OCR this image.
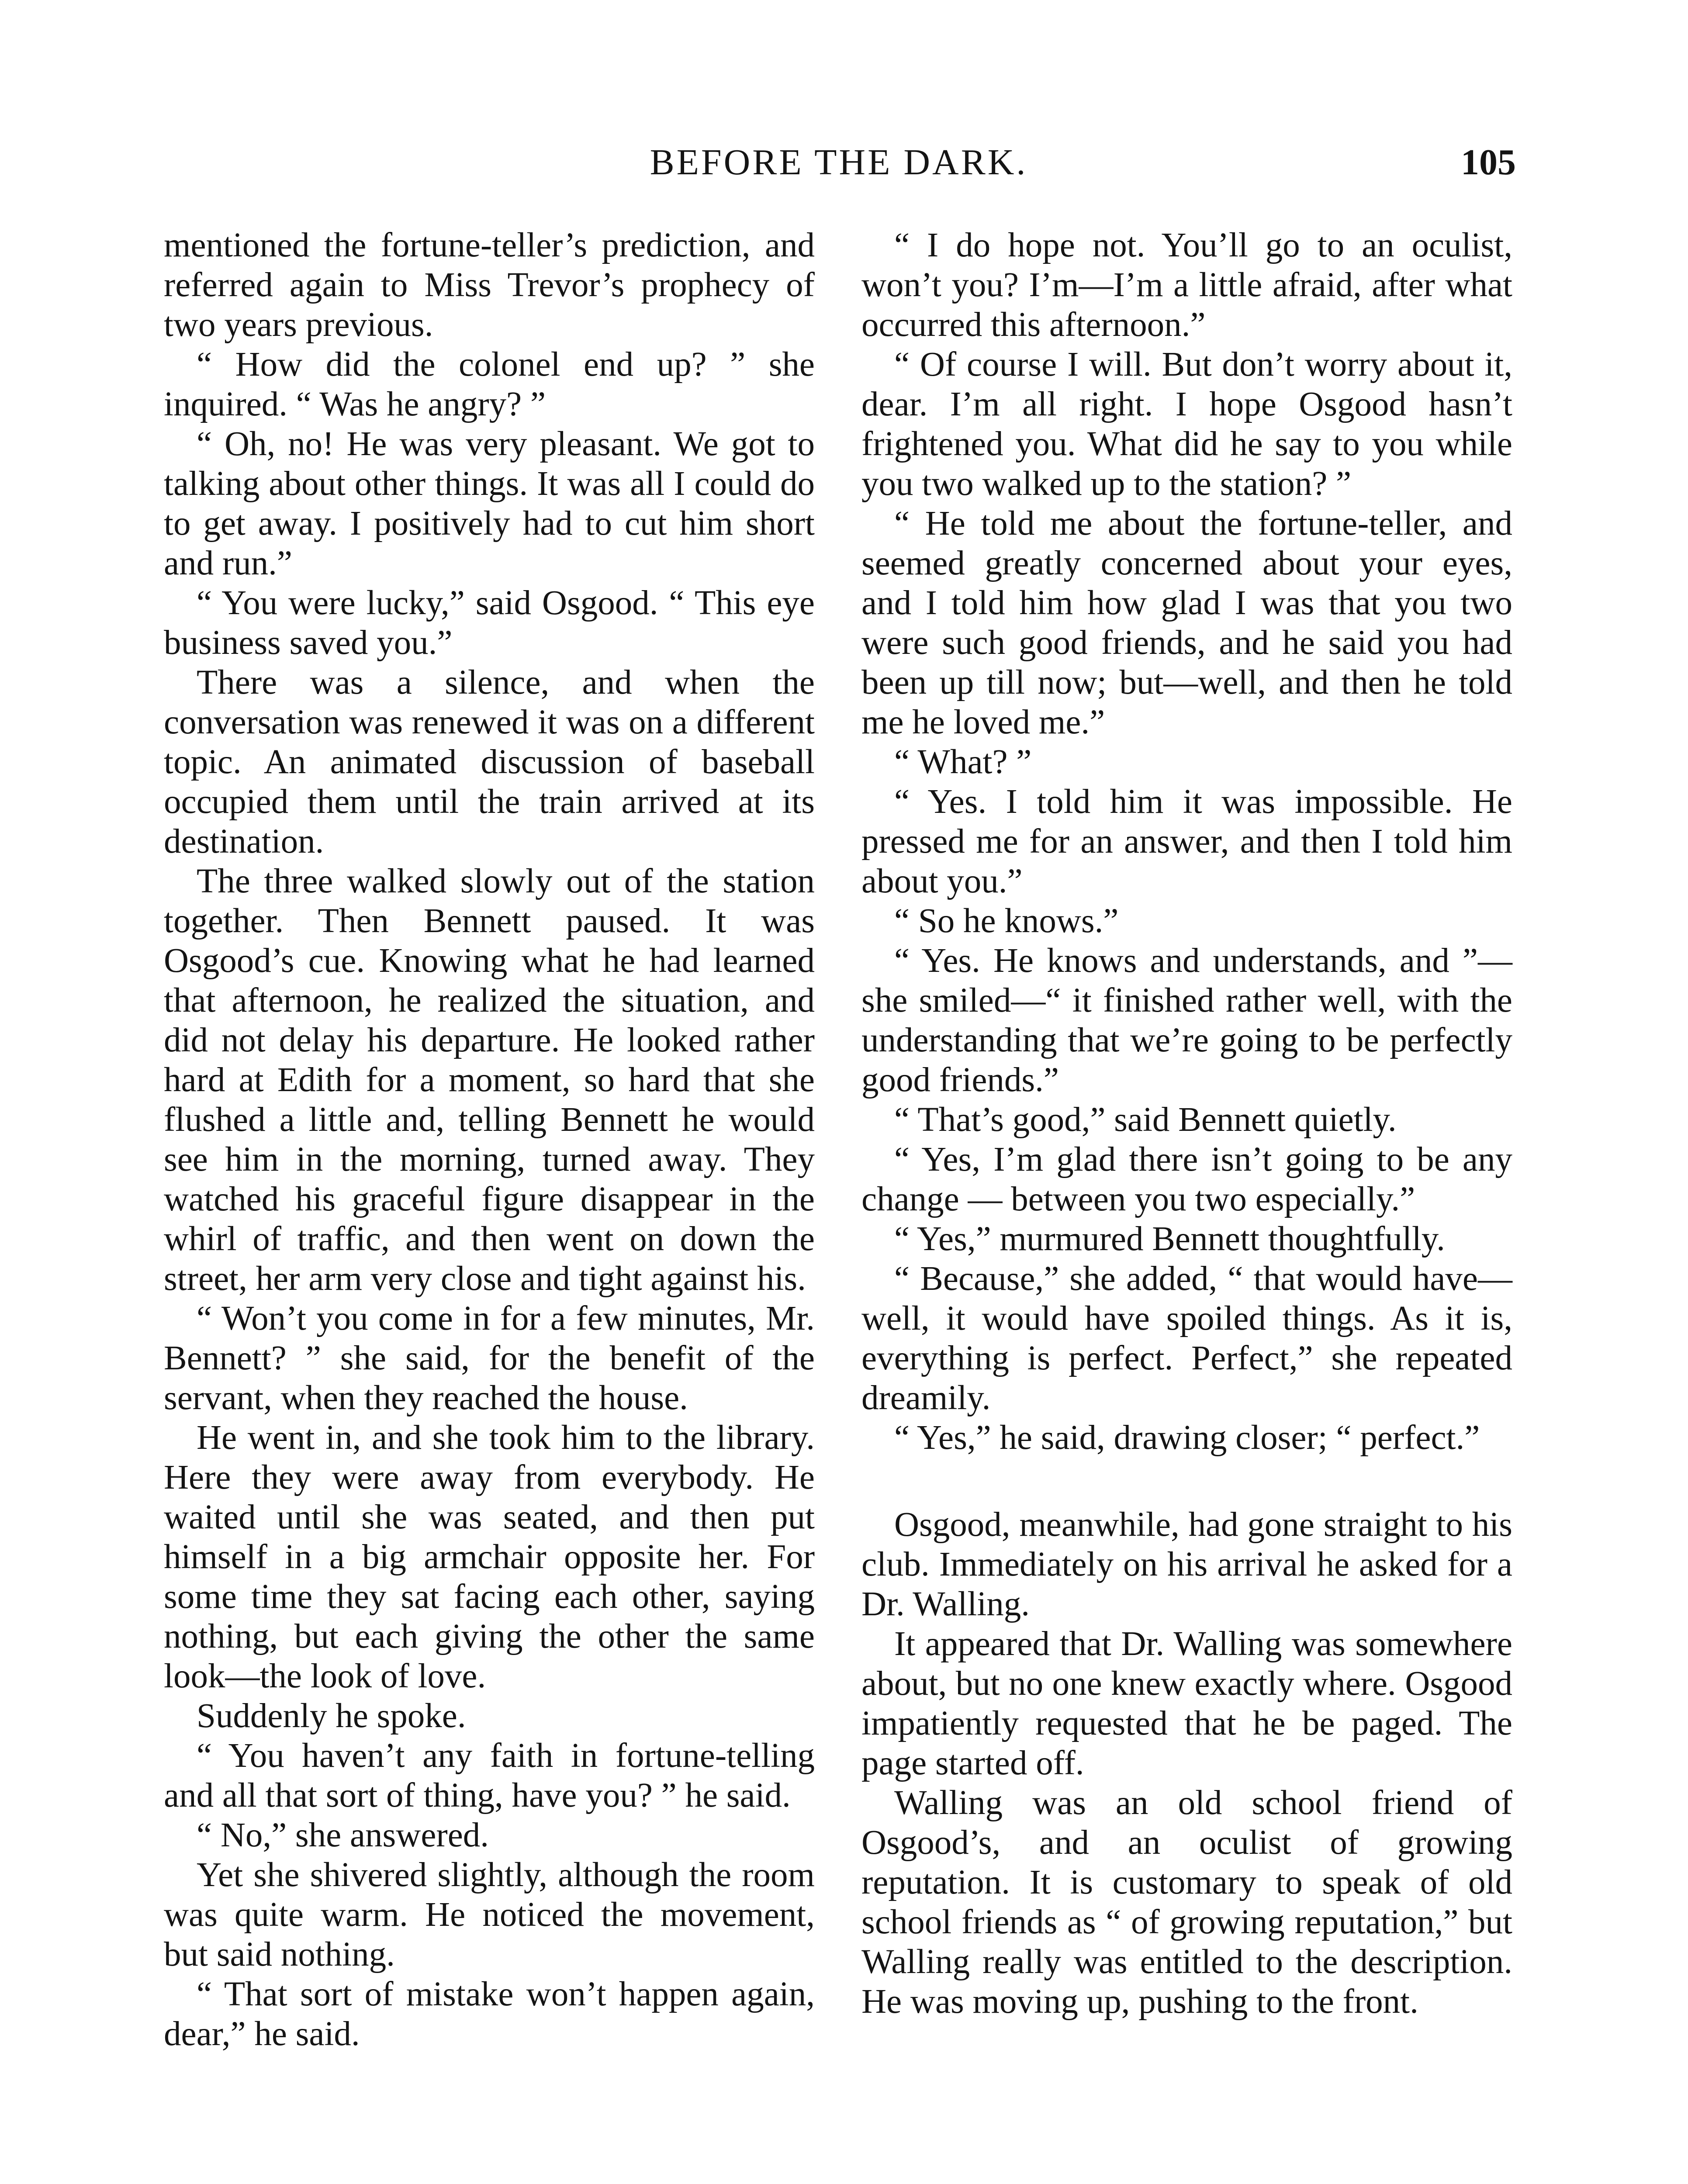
BEFORE THE DARK.	105

mentioned the fortune-teller’s prediction, and referred again to Miss Trevor’s prophecy of two years previous.

“ How did the colonel end up? ” she inquired. “ Was he angry? ”

“ Oh, no! He was very pleasant. We got to talking about other things. It was all I could do to get away. I positively had to cut him short and run.”

“ You were lucky,” said Osgood. “ This eye business saved you.”

There was a silence, and when the conversation was renewed it was on a different topic. An animated discussion of baseball occupied them until the train arrived at its destination.

The three walked slowly out of the station together. Then Bennett paused. It was Osgood’s cue. Knowing what he had learned that afternoon, he realized the situation, and did not delay his departure. He looked rather hard at Edith for a moment, so hard that she flushed a little and, telling Bennett he would see him in the morning, turned away. They watched his graceful figure disappear in the whirl of traffic, and then went on down the street, her arm very close and tight against his.

“ Won’t you come in for a few minutes, Mr. Bennett? ” she said, for the benefit of the servant, when they reached the house.

He went in, and she took him to the library. Here they were away from everybody. He waited until she was seated, and then put himself in a big armchair opposite her. For some time they sat facing each other, saying nothing, but each giving the other the same look—the look of love.

Suddenly he spoke.

“ You haven’t any faith in fortune-telling and all that sort of thing, have you? ” he said.

“ No,” she answered.

Yet she shivered slightly, although the room was quite warm. He noticed the movement, but said nothing.

“ That sort of mistake won’t happen again, dear,” he said.

“ I do hope not. You’ll go to an oculist, won’t you? I’m—I’m a little afraid, after what occurred this afternoon.”

“ Of course I will. But don’t worry about it, dear. I’m all right. I hope Osgood hasn’t frightened you. What did he say to you while you two walked up to the station? ”

“ He told me about the fortune-teller, and seemed greatly concerned about your eyes, and I told him how glad I was that you two were such good friends, and he said you had been up till now; but—well, and then he told me he loved me.”

“ What? ”

“ Yes. I told him it was impossible. He pressed me for an answer, and then I told him about you.”

“ So he knows.”

“ Yes. He knows and understands, and ”—she smiled—“ it finished rather well, with the understanding that we’re going to be perfectly good friends.”

“ That’s good,” said Bennett quietly.

“ Yes, I’m glad there isn’t going to be any change — between you two especially.”

“ Yes,” murmured Bennett thoughtfully.

“ Because,” she added, “ that would have—well, it would have spoiled things. As it is, everything is perfect. Perfect,” she repeated dreamily.

“ Yes,” he said, drawing closer; “ perfect.”

Osgood, meanwhile, had gone straight to his club. Immediately on his arrival he asked for a Dr. Walling.

It appeared that Dr. Walling was somewhere about, but no one knew exactly where. Osgood impatiently requested that he be paged. The page started off.

Walling was an old school friend of Osgood’s, and an oculist of growing reputation. It is customary to speak of old school friends as “ of growing reputation,” but Walling really was entitled to the description. He was moving up, pushing to the front.
